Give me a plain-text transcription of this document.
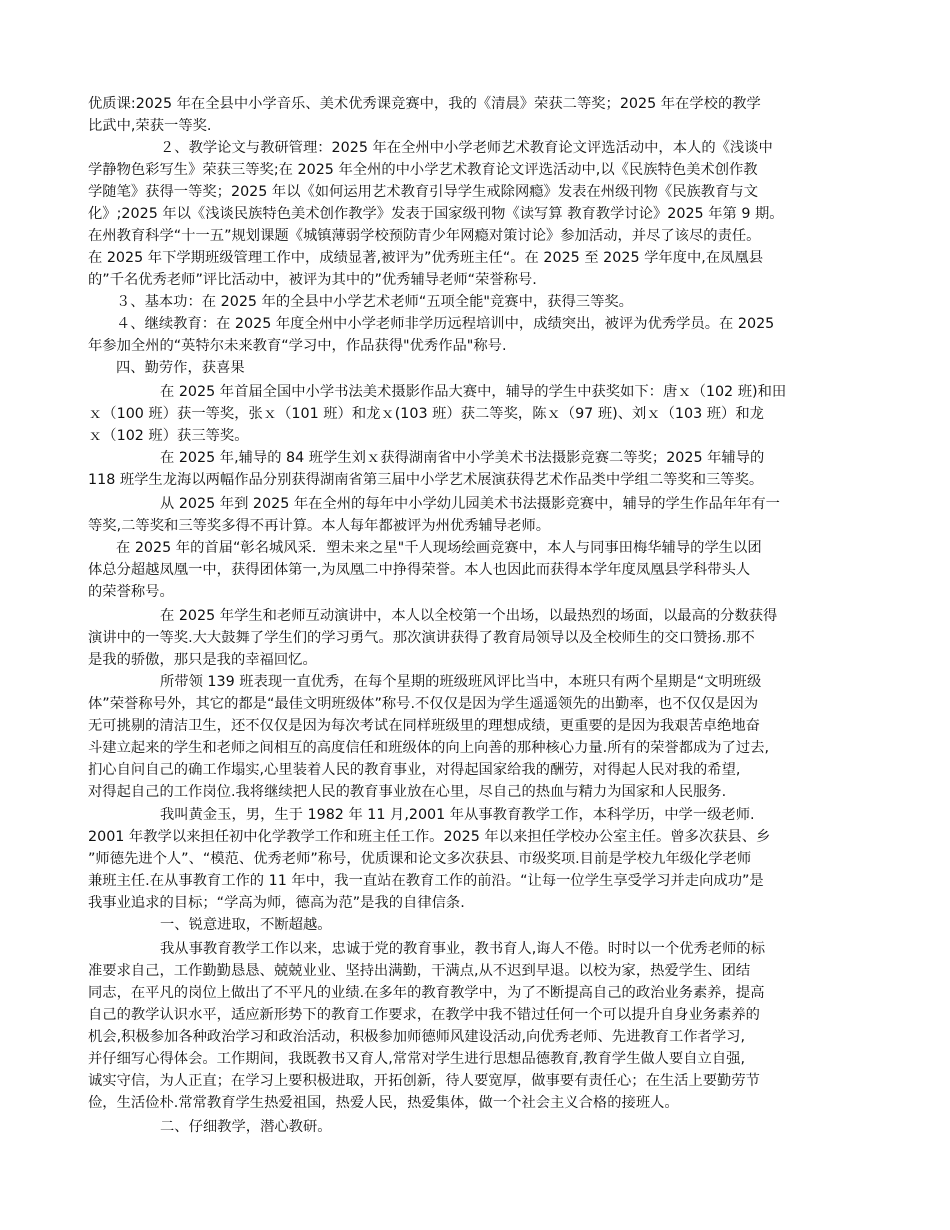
优质课:2025 年在全县中小学音乐、美术优秀课竞赛中，我的《清晨》荣获二等奖；2025 年在学校的教学
比武中,荣获一等奖.
２、教学论文与教研管理：2025 年在全州中小学老师艺术教育论文评选活动中，本人的《浅谈中
学静物色彩写生》荣获三等奖;在 2025 年全州的中小学艺术教育论文评选活动中,以《民族特色美术创作教
学随笔》获得一等奖；2025 年以《如何运用艺术教育引导学生戒除网瘾》发表在州级刊物《民族教育与文
化》;2025 年以《浅谈民族特色美术创作教学》发表于国家级刊物《读写算 教育教学讨论》2025 年第 9 期。
在州教育科学“十一五”规划课题《城镇薄弱学校预防青少年网瘾对策讨论》参加活动，并尽了该尽的责任。
在 2025 年下学期班级管理工作中，成绩显著,被评为”优秀班主任“。在 2025 至 2025 学年度中,在凤凰县
的”千名优秀老师”评比活动中，被评为其中的”优秀辅导老师“荣誉称号.
３、基本功：在 2025 年的全县中小学艺术老师“五项全能"竞赛中，获得三等奖。
４、继续教育：在 2025 年度全州中小学老师非学历远程培训中，成绩突出，被评为优秀学员。在 2025
年参加全州的“英特尔未来教育“学习中，作品获得"优秀作品"称号.
四、勤劳作，获喜果
在 2025 年首届全国中小学书法美术摄影作品大赛中，辅导的学生中获奖如下：唐ｘ（102 班)和田
ｘ（100 班）获一等奖，张ｘ（101 班）和龙ｘ(103 班）获二等奖，陈ｘ（97 班)、刘ｘ（103 班）和龙
ｘ（102 班）获三等奖。
在 2025 年,辅导的 84 班学生刘ｘ获得湖南省中小学美术书法摄影竞赛二等奖；2025 年辅导的
118 班学生龙海以两幅作品分别获得湖南省第三届中小学艺术展演获得艺术作品类中学组二等奖和三等奖。
从 2025 年到 2025 年在全州的每年中小学幼儿园美术书法摄影竞赛中，辅导的学生作品年年有一
等奖,二等奖和三等奖多得不再计算。本人每年都被评为州优秀辅导老师。
在 2025 年的首届“彰名城风采．塑未来之星"千人现场绘画竞赛中，本人与同事田梅华辅导的学生以团
体总分超越凤凰一中，获得团体第一,为凤凰二中挣得荣誉。本人也因此而获得本学年度凤凰县学科带头人
的荣誉称号。
在 2025 年学生和老师互动演讲中，本人以全校第一个出场，以最热烈的场面，以最高的分数获得
演讲中的一等奖.大大鼓舞了学生们的学习勇气。那次演讲获得了教育局领导以及全校师生的交口赞扬.那不
是我的骄傲，那只是我的幸福回忆。
所带领 139 班表现一直优秀，在每个星期的班级班风评比当中，本班只有两个星期是“文明班级
体”荣誉称号外，其它的都是“最佳文明班级体”称号.不仅仅是因为学生遥遥领先的出勤率，也不仅仅是因为
无可挑剔的清洁卫生，还不仅仅是因为每次考试在同样班级里的理想成绩，更重要的是因为我艰苦卓绝地奋
斗建立起来的学生和老师之间相互的高度信任和班级体的向上向善的那种核心力量.所有的荣誉都成为了过去,
扪心自问自己的确工作塌实,心里装着人民的教育事业，对得起国家给我的酬劳，对得起人民对我的希望,
对得起自己的工作岗位.我将继续把人民的教育事业放在心里，尽自己的热血与精力为国家和人民服务.
我叫黄金玉，男，生于 1982 年 11 月,2001 年从事教育教学工作，本科学历，中学一级老师.
2001 年教学以来担任初中化学教学工作和班主任工作。2025 年以来担任学校办公室主任。曾多次获县、乡
”师德先进个人”、“模范、优秀老师”称号，优质课和论文多次获县、市级奖项.目前是学校九年级化学老师
兼班主任.在从事教育工作的 11 年中，我一直站在教育工作的前沿。“让每一位学生享受学习并走向成功”是
我事业追求的目标；“学高为师，德高为范”是我的自律信条.
一、锐意进取，不断超越。
我从事教育教学工作以来，忠诚于党的教育事业，教书育人,诲人不倦。时时以一个优秀老师的标
准要求自己，工作勤勤恳恳、兢兢业业、坚持出满勤，干满点,从不迟到早退。以校为家，热爱学生、团结
同志，在平凡的岗位上做出了不平凡的业绩.在多年的教育教学中，为了不断提高自己的政治业务素养，提高
自己的教学认识水平，适应新形势下的教育工作要求，在教学中我不错过任何一个可以提升自身业务素养的
机会,积极参加各种政治学习和政治活动，积极参加师德师风建设活动,向优秀老师、先进教育工作者学习,
并仔细写心得体会。工作期间，我既教书又育人,常常对学生进行思想品德教育,教育学生做人要自立自强,
诚实守信，为人正直；在学习上要积极进取，开拓创新，待人要宽厚，做事要有责任心；在生活上要勤劳节
俭，生活俭朴.常常教育学生热爱祖国，热爱人民，热爱集体，做一个社会主义合格的接班人。
二、仔细教学，潜心教研。
